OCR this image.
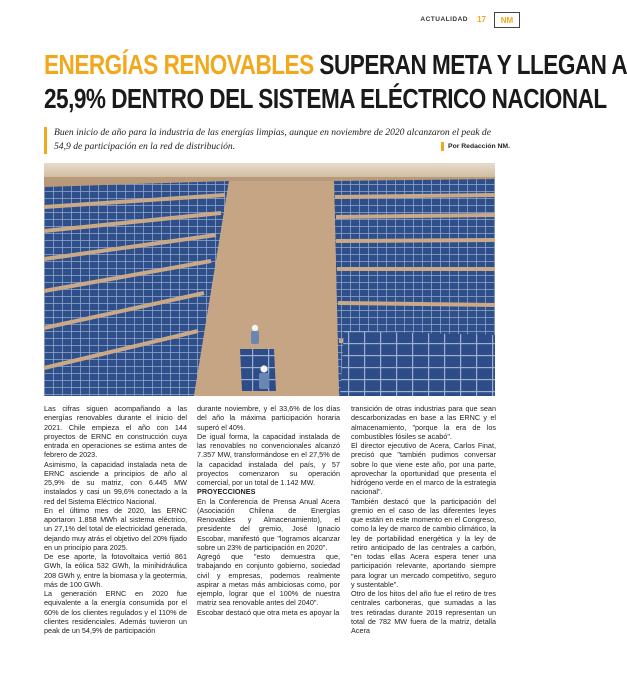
ACTUALIDAD 17	NM
ENERGÍAS RENOVABLES SUPERAN META Y LLEGAN A
25,9% DENTRO DEL SISTEMA ELÉCTRICO NACIONAL
Buen inicio de año para la industria de las energías limpias, aunque en noviembre de 2020 alcanzaron el peak de 54,9 de participación en la red de distribución.	Por Redacción NM.

Las cifras siguen acompañando a las energías renovables durante el inicio del 2021. Chile empieza el año con 144 proyectos de ERNC en construcción cuya entrada en operaciones se estima antes de febrero de 2023.

Asimismo, la capacidad instalada neta de ERNC asciende a principios de año al 25,9% de su matriz, con 6.445 MW instalados y casi un 99,6% conectado a la red del Sistema Eléctrico Nacional.

En el último mes de 2020, las ERNC aportaron 1.858 MWh al sistema eléctrico, un 27,1% del total de electricidad generada, dejando muy atrás el objetivo del 20% fijado en un principio para 2025.

De ese aporte, la fotovoltaica vertió 861 GWh, la eólica 532 GWh, la minihidráulica 208 GWh y, entre la biomasa y la geotermia, más de 100 GWh.

La generación ERNC en 2020 fue equivalente a la energía consumida por el 60% de los clientes regulados y el 110% de clientes residenciales. Además tuvieron un peak de un 54,9% de participación

durante noviembre, y el 33,6% de los días del año la máxima participación horaria superó el 40%.

De igual forma, la capacidad instalada de las renovables no convencionales alcanzó 7.357 MW, transformándose en el 27,5% de la capacidad instalada del país, y 57 proyectos comenzaron su operación comercial, por un total de 1.142 MW.

PROYECCIONES

En la Conferencia de Prensa Anual Acera (Asociación Chilena de Energías Renovables y Almacenamiento), el presidente del gremio, José Ignacio Escobar, manifestó que "logramos alcanzar sobre un 23% de participación en 2020".

Agregó que "esto demuestra que, trabajando en conjunto gobierno, sociedad civil y empresas, podemos realmente aspirar a metas más ambiciosas como, por ejemplo, lograr que el 100% de nuestra matriz sea renovable antes del 2040".

Escobar destacó que otra meta es apoyar la

transición de otras industrias para que sean descarbonizadas en base a las ERNC y el almacenamiento, "porque la era de los combustibles fósiles se acabó".

El director ejecutivo de Acera, Carlos Finat, precisó que "también pudimos conversar sobre lo que viene este año, por una parte, aprovechar la oportunidad que presenta el hidrógeno verde en el marco de la estrategia nacional".

También destacó que la participación del gremio en el caso de las diferentes leyes que están en este momento en el Congreso, como la ley de marco de cambio climático, la ley de portabilidad energética y la ley de retiro anticipado de las centrales a carbón, "en todas ellas Acera espera tener una participación relevante, aportando siempre para lograr un mercado competitivo, seguro y sustentable".

Otro de los hitos del año fue el retiro de tres centrales carboneras, que sumadas a las tres retiradas durante 2019 representan un total de 782 MW fuera de la matriz, detalla Acera
